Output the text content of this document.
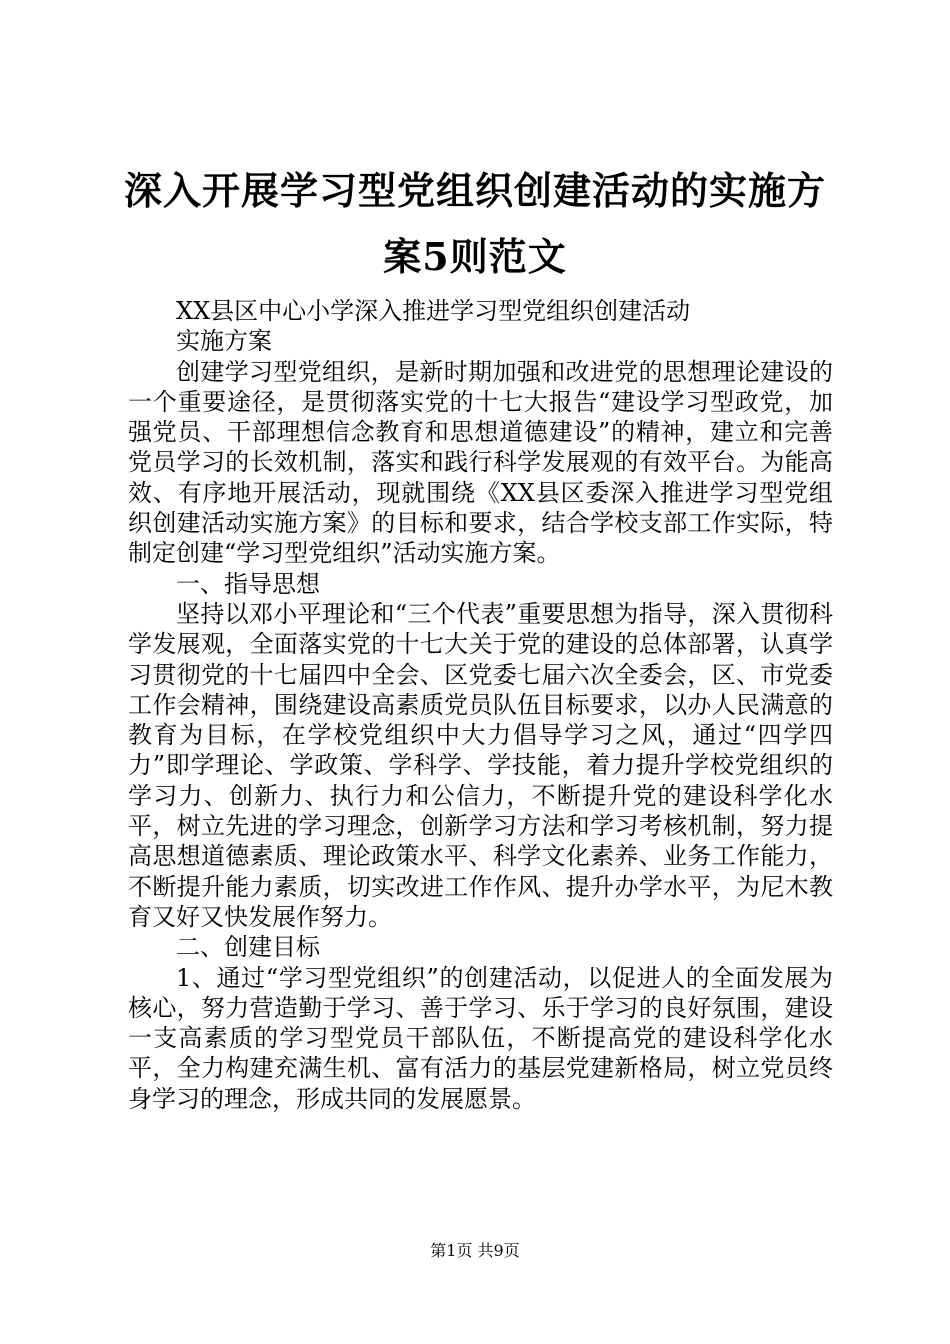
深入开展学习型党组织创建活动的实施方案5则范文

XX县区中心小学深入推进学习型党组织创建活动

实施方案

创建学习型党组织，是新时期加强和改进党的思想理论建设的一个重要途径，是贯彻落实党的十七大报告“建设学习型政党，加强党员、干部理想信念教育和思想道德建设”的精神，建立和完善党员学习的长效机制，落实和践行科学发展观的有效平台。为能高效、有序地开展活动，现就围绕《XX县区委深入推进学习型党组织创建活动实施方案》的目标和要求，结合学校支部工作实际，特制定创建“学习型党组织”活动实施方案。

一、指导思想

坚持以邓小平理论和“三个代表”重要思想为指导，深入贯彻科学发展观，全面落实党的十七大关于党的建设的总体部署，认真学习贯彻党的十七届四中全会、区党委七届六次全委会，区、市党委工作会精神，围绕建设高素质党员队伍目标要求，以办人民满意的教育为目标，在学校党组织中大力倡导学习之风，通过“四学四力”即学理论、学政策、学科学、学技能，着力提升学校党组织的学习力、创新力、执行力和公信力，不断提升党的建设科学化水平，树立先进的学习理念，创新学习方法和学习考核机制，努力提高思想道德素质、理论政策水平、科学文化素养、业务工作能力，不断提升能力素质，切实改进工作作风、提升办学水平，为尼木教育又好又快发展作努力。

二、创建目标

1、通过“学习型党组织”的创建活动，以促进人的全面发展为核心，努力营造勤于学习、善于学习、乐于学习的良好氛围，建设一支高素质的学习型党员干部队伍，不断提高党的建设科学化水平，全力构建充满生机、富有活力的基层党建新格局，树立党员终身学习的理念，形成共同的发展愿景。

第1页 共9页
